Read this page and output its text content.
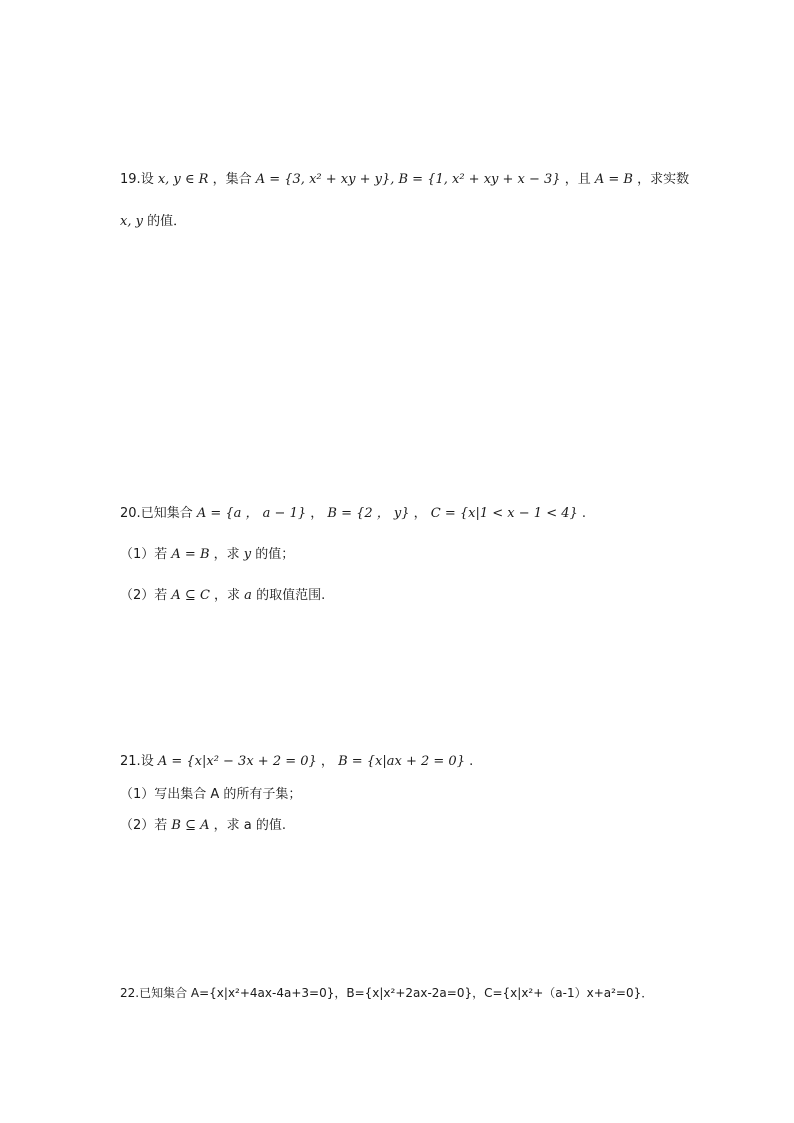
19.设 x, y ∈ R ，集合 A = {3, x² + xy + y}, B = {1, x² + xy + x − 3} ，且 A = B ，求实数
x, y 的值．
20.已知集合 A = {a ， a − 1} ， B = {2 ， y} ， C = {x|1 < x − 1 < 4} .
（1）若 A = B ，求 y 的值；
（2）若 A ⊆ C ，求 a 的取值范围.
21.设 A = {x|x² − 3x + 2 = 0} ， B = {x|ax + 2 = 0} .
（1）写出集合 A 的所有子集；
（2）若 B ⊆ A ，求 a 的值.
22.已知集合 A={x|x²+4ax-4a+3=0}，B={x|x²+2ax-2a=0}，C={x|x²+（a-1）x+a²=0}．
